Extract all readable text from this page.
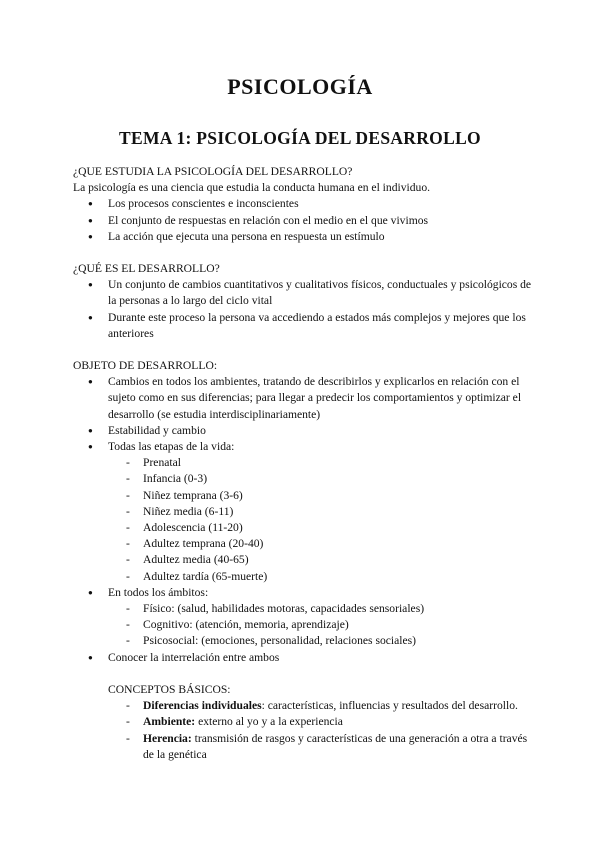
PSICOLOGÍA
TEMA 1: PSICOLOGÍA DEL DESARROLLO

¿QUE ESTUDIA LA PSICOLOGÍA DEL DESARROLLO?

La psicología es una ciencia que estudia la conducta humana en el individuo.

● Los procesos conscientes e inconscientes
● El conjunto de respuestas en relación con el medio en el que vivimos
● La acción que ejecuta una persona en respuesta un estímulo

¿QUÉ ES EL DESARROLLO?

● Un conjunto de cambios cuantitativos y cualitativos físicos, conductuales y psicológicos de la personas a lo largo del ciclo vital
● Durante este proceso la persona va accediendo a estados más complejos y mejores que los anteriores

OBJETO DE DESARROLLO:

● Cambios en todos los ambientes, tratando de describirlos y explicarlos en relación con el sujeto como en sus diferencias; para llegar a predecir los comportamientos y optimizar el desarrollo (se estudia interdisciplinariamente)
● Estabilidad y cambio
● Todas las etapas de la vida:
- Prenatal
- Infancia (0-3)
- Niñez temprana (3-6)
- Niñez media (6-11)
- Adolescencia (11-20)
- Adultez temprana (20-40)
- Adultez media (40-65)
- Adultez tardía (65-muerte)
● En todos los ámbitos:
- Físico: (salud, habilidades motoras, capacidades sensoriales)
- Cognitivo: (atención, memoria, aprendizaje)
- Psicosocial: (emociones, personalidad, relaciones sociales)
● Conocer la interrelación entre ambos

CONCEPTOS BÁSICOS:

- Diferencias individuales: características, influencias y resultados del desarrollo.
- Ambiente: externo al yo y a la experiencia
- Herencia: transmisión de rasgos y características de una generación a otra a través de la genética
